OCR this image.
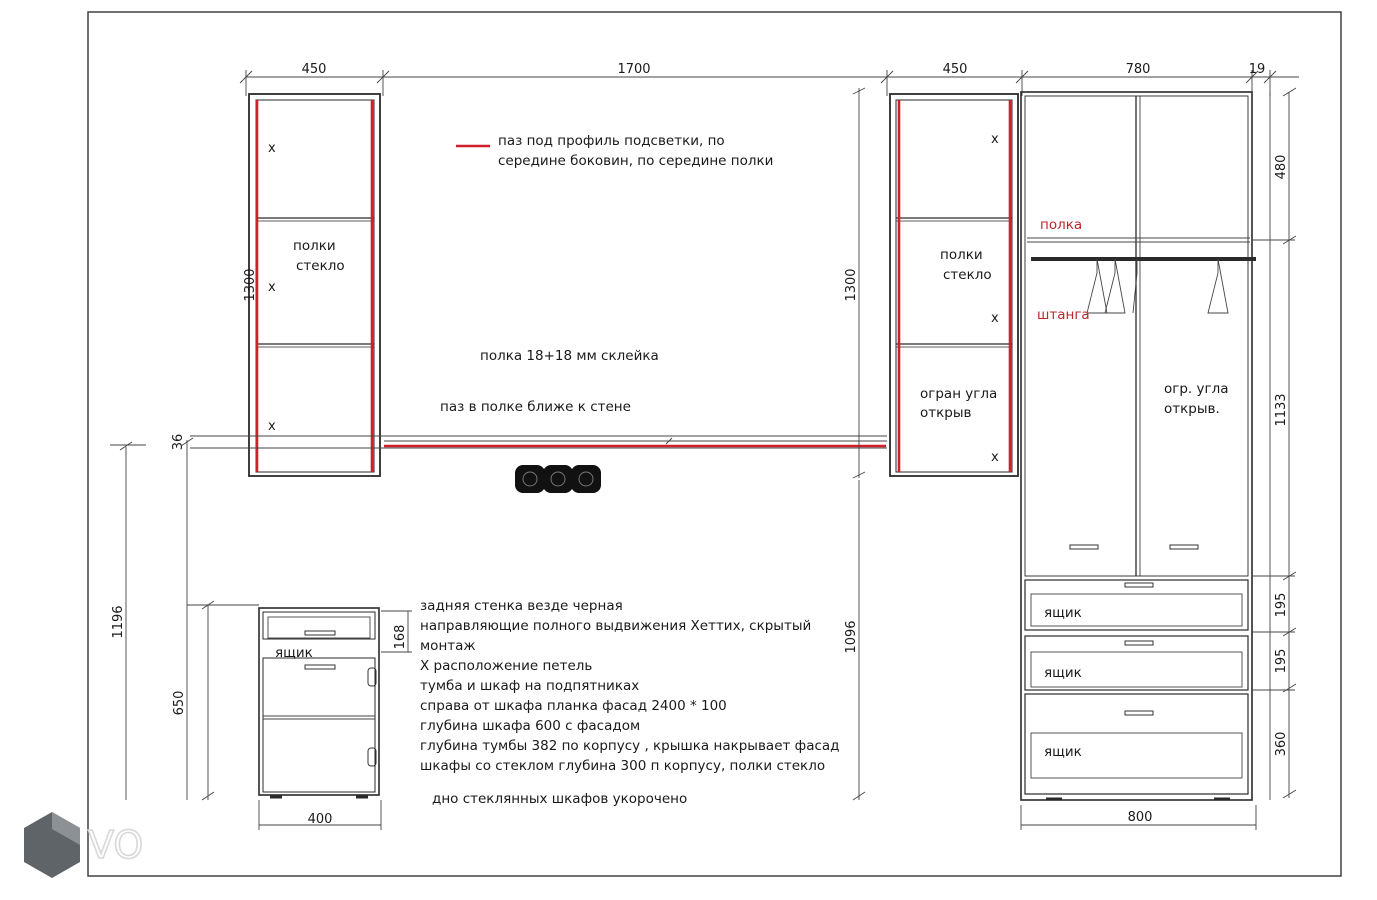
450	1700	450	780	19
x
x
x
полки
стекло
1300
36
паз под профиль подсветки, по
середине боковин, по середине полки
полка 18+18 мм склейка
паз в полке ближе к стене
x
x
x
полки
стекло
огран угла
открыв
1300
полка
штанга
огр. угла
открыв.
ящик
ящик
ящик
480
1133
195
195
360
800
1196
ящик
650
168
400
1096
задняя стенка везде черная
направляющие полного выдвижения Хеттих, скрытый
монтаж
Х расположение петель
тумба и шкаф на подпятниках
справа от шкафа планка фасад 2400 * 100
глубина шкафа 600 с фасадом
глубина тумбы 382 по корпусу , крышка накрывает фасад
шкафы со стеклом глубина 300 п корпусу, полки стекло
дно стеклянных шкафов укорочено
VO
